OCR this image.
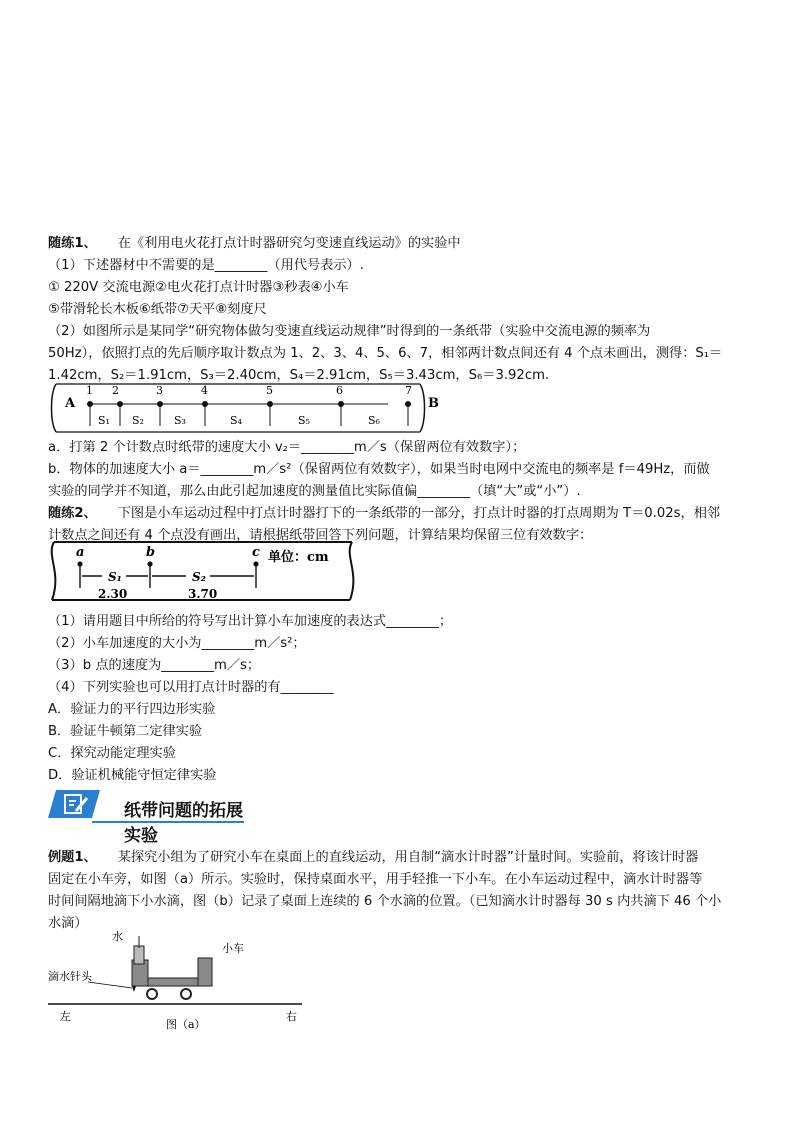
随练1、 在《利用电火花打点计时器研究匀变速直线运动》的实验中
（1）下述器材中不需要的是________（用代号表示）.
① 220V 交流电源②电火花打点计时器③秒表④小车
⑤带滑轮长木板⑥纸带⑦天平⑧刻度尺
（2）如图所示是某同学“研究物体做匀变速直线运动规律”时得到的一条纸带（实验中交流电源的频率为
50Hz），依照打点的先后顺序取计数点为 1、2、3、4、5、6、7，相邻两计数点间还有 4 个点未画出，测得：S₁＝
1.42cm，S₂＝1.91cm，S₃＝2.40cm，S₄＝2.91cm，S₅＝3.43cm，S₆＝3.92cm.
A	B
1 2	3	4	5	6	7
S₁ S₂	S₃	S₄	S₅	S₆
a．打第 2 个计数点时纸带的速度大小 v₂＝________m／s（保留两位有效数字）；
b．物体的加速度大小 a＝________m／s²（保留两位有效数字），如果当时电网中交流电的频率是 f＝49Hz，而做
实验的同学并不知道，那么由此引起加速度的测量值比实际值偏________（填“大”或“小”）.
随练2、 下图是小车运动过程中打点计时器打下的一条纸带的一部分，打点计时器的打点周期为 T＝0.02s，相邻
计数点之间还有 4 个点没有画出，请根据纸带回答下列问题，计算结果均保留三位有效数字：
a	b	c 单位：cm
S₁	S₂
2.30	3.70
（1）请用题目中所给的符号写出计算小车加速度的表达式________；
（2）小车加速度的大小为________m／s²；
（3）b 点的速度为________m／s；
（4）下列实验也可以用打点计时器的有________
A．验证力的平行四边形实验
B．验证牛顿第二定律实验
C．探究动能定理实验
D．验证机械能守恒定律实验
纸带问题的拓展实验
例题1、 某探究小组为了研究小车在桌面上的直线运动，用自制“滴水计时器”计量时间。实验前，将该计时器
固定在小车旁，如图（a）所示。实验时，保持桌面水平，用手轻推一下小车。在小车运动过程中，滴水计时器等
时间间隔地滴下小水滴，图（b）记录了桌面上连续的 6 个水滴的位置。（已知滴水计时器每 30 s 内共滴下 46 个小
水滴）
水
小车
滴水针头
左	右
图（a）
